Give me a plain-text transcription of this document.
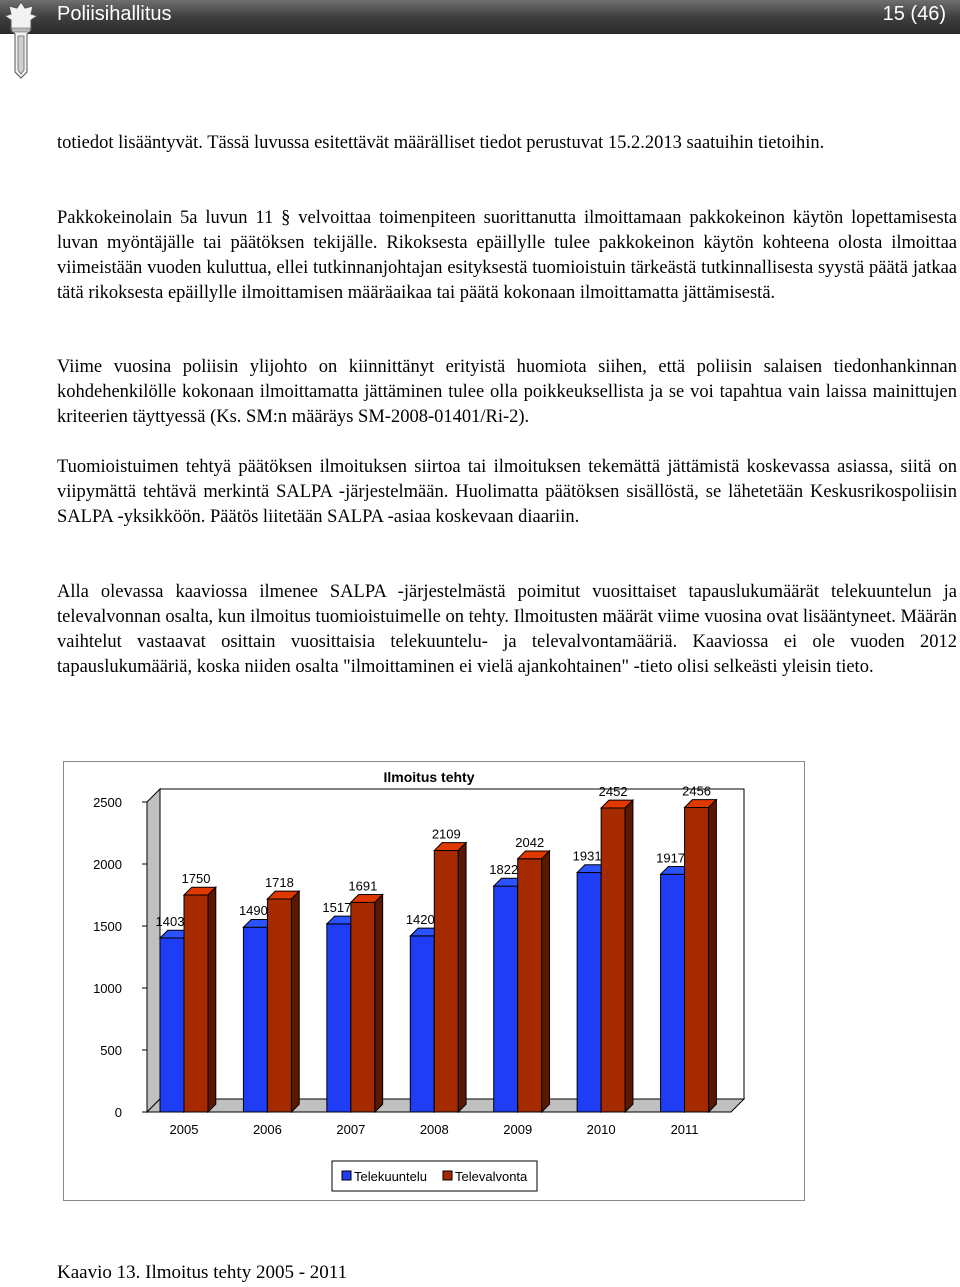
Poliisihallitus	15 (46)

totiedot lisääntyvät. Tässä luvussa esitettävät määrälliset tiedot perustuvat 15.2.2013 saatuihin tietoihin.

Pakkokeinolain 5a luvun 11 § velvoittaa toimenpiteen suorittanutta ilmoittamaan pakkokeinon käytön lopettamisesta luvan myöntäjälle tai päätöksen tekijälle. Rikoksesta epäillylle tulee pakkokeinon käytön kohteena olosta ilmoittaa viimeistään vuoden kuluttua, ellei tutkinnanjohtajan esityksestä tuomioistuin tärkeästä tutkinnallisesta syystä päätä jatkaa tätä rikoksesta epäillylle ilmoittamisen määräaikaa tai päätä kokonaan ilmoittamatta jättämisestä.

Viime vuosina poliisin ylijohto on kiinnittänyt erityistä huomiota siihen, että poliisin salaisen tiedonhankinnan kohdehenkilölle kokonaan ilmoittamatta jättäminen tulee olla poikkeuksellista ja se voi tapahtua vain laissa mainittujen kriteerien täyttyessä (Ks. SM:n määräys SM-2008-01401/Ri-2).

Tuomioistuimen tehtyä päätöksen ilmoituksen siirtoa tai ilmoituksen tekemättä jättämistä koskevassa asiassa, siitä on viipymättä tehtävä merkintä SALPA -järjestelmään. Huolimatta päätöksen sisällöstä, se lähetetään Keskusrikospoliisin SALPA -yksikköön. Päätös liitetään SALPA -asiaa koskevaan diaariin.

Alla olevassa kaaviossa ilmenee SALPA -järjestelmästä poimitut vuosittaiset tapauslukumäärät telekuuntelun ja televalvonnan osalta, kun ilmoitus tuomioistuimelle on tehty. Ilmoitusten määrät viime vuosina ovat lisääntyneet. Määrän vaihtelut vastaavat osittain vuosittaisia telekuuntelu- ja televalvontamääriä. Kaaviossa ei ole vuoden 2012 tapauslukumääriä, koska niiden osalta "ilmoittaminen ei vielä ajankohtainen" -tieto olisi selkeästi yleisin tieto.

Ilmoitus tehty
0
500
1000
1500
2000
2500
1403
1750
2005
1490
1718
2006
1517
1691
2007
1420
2109
2008
1822
2042
2009
1931
2452
2010
1917
2456
2011
Telekuuntelu Televalvonta
Kaavio 13. Ilmoitus tehty 2005 - 2011
